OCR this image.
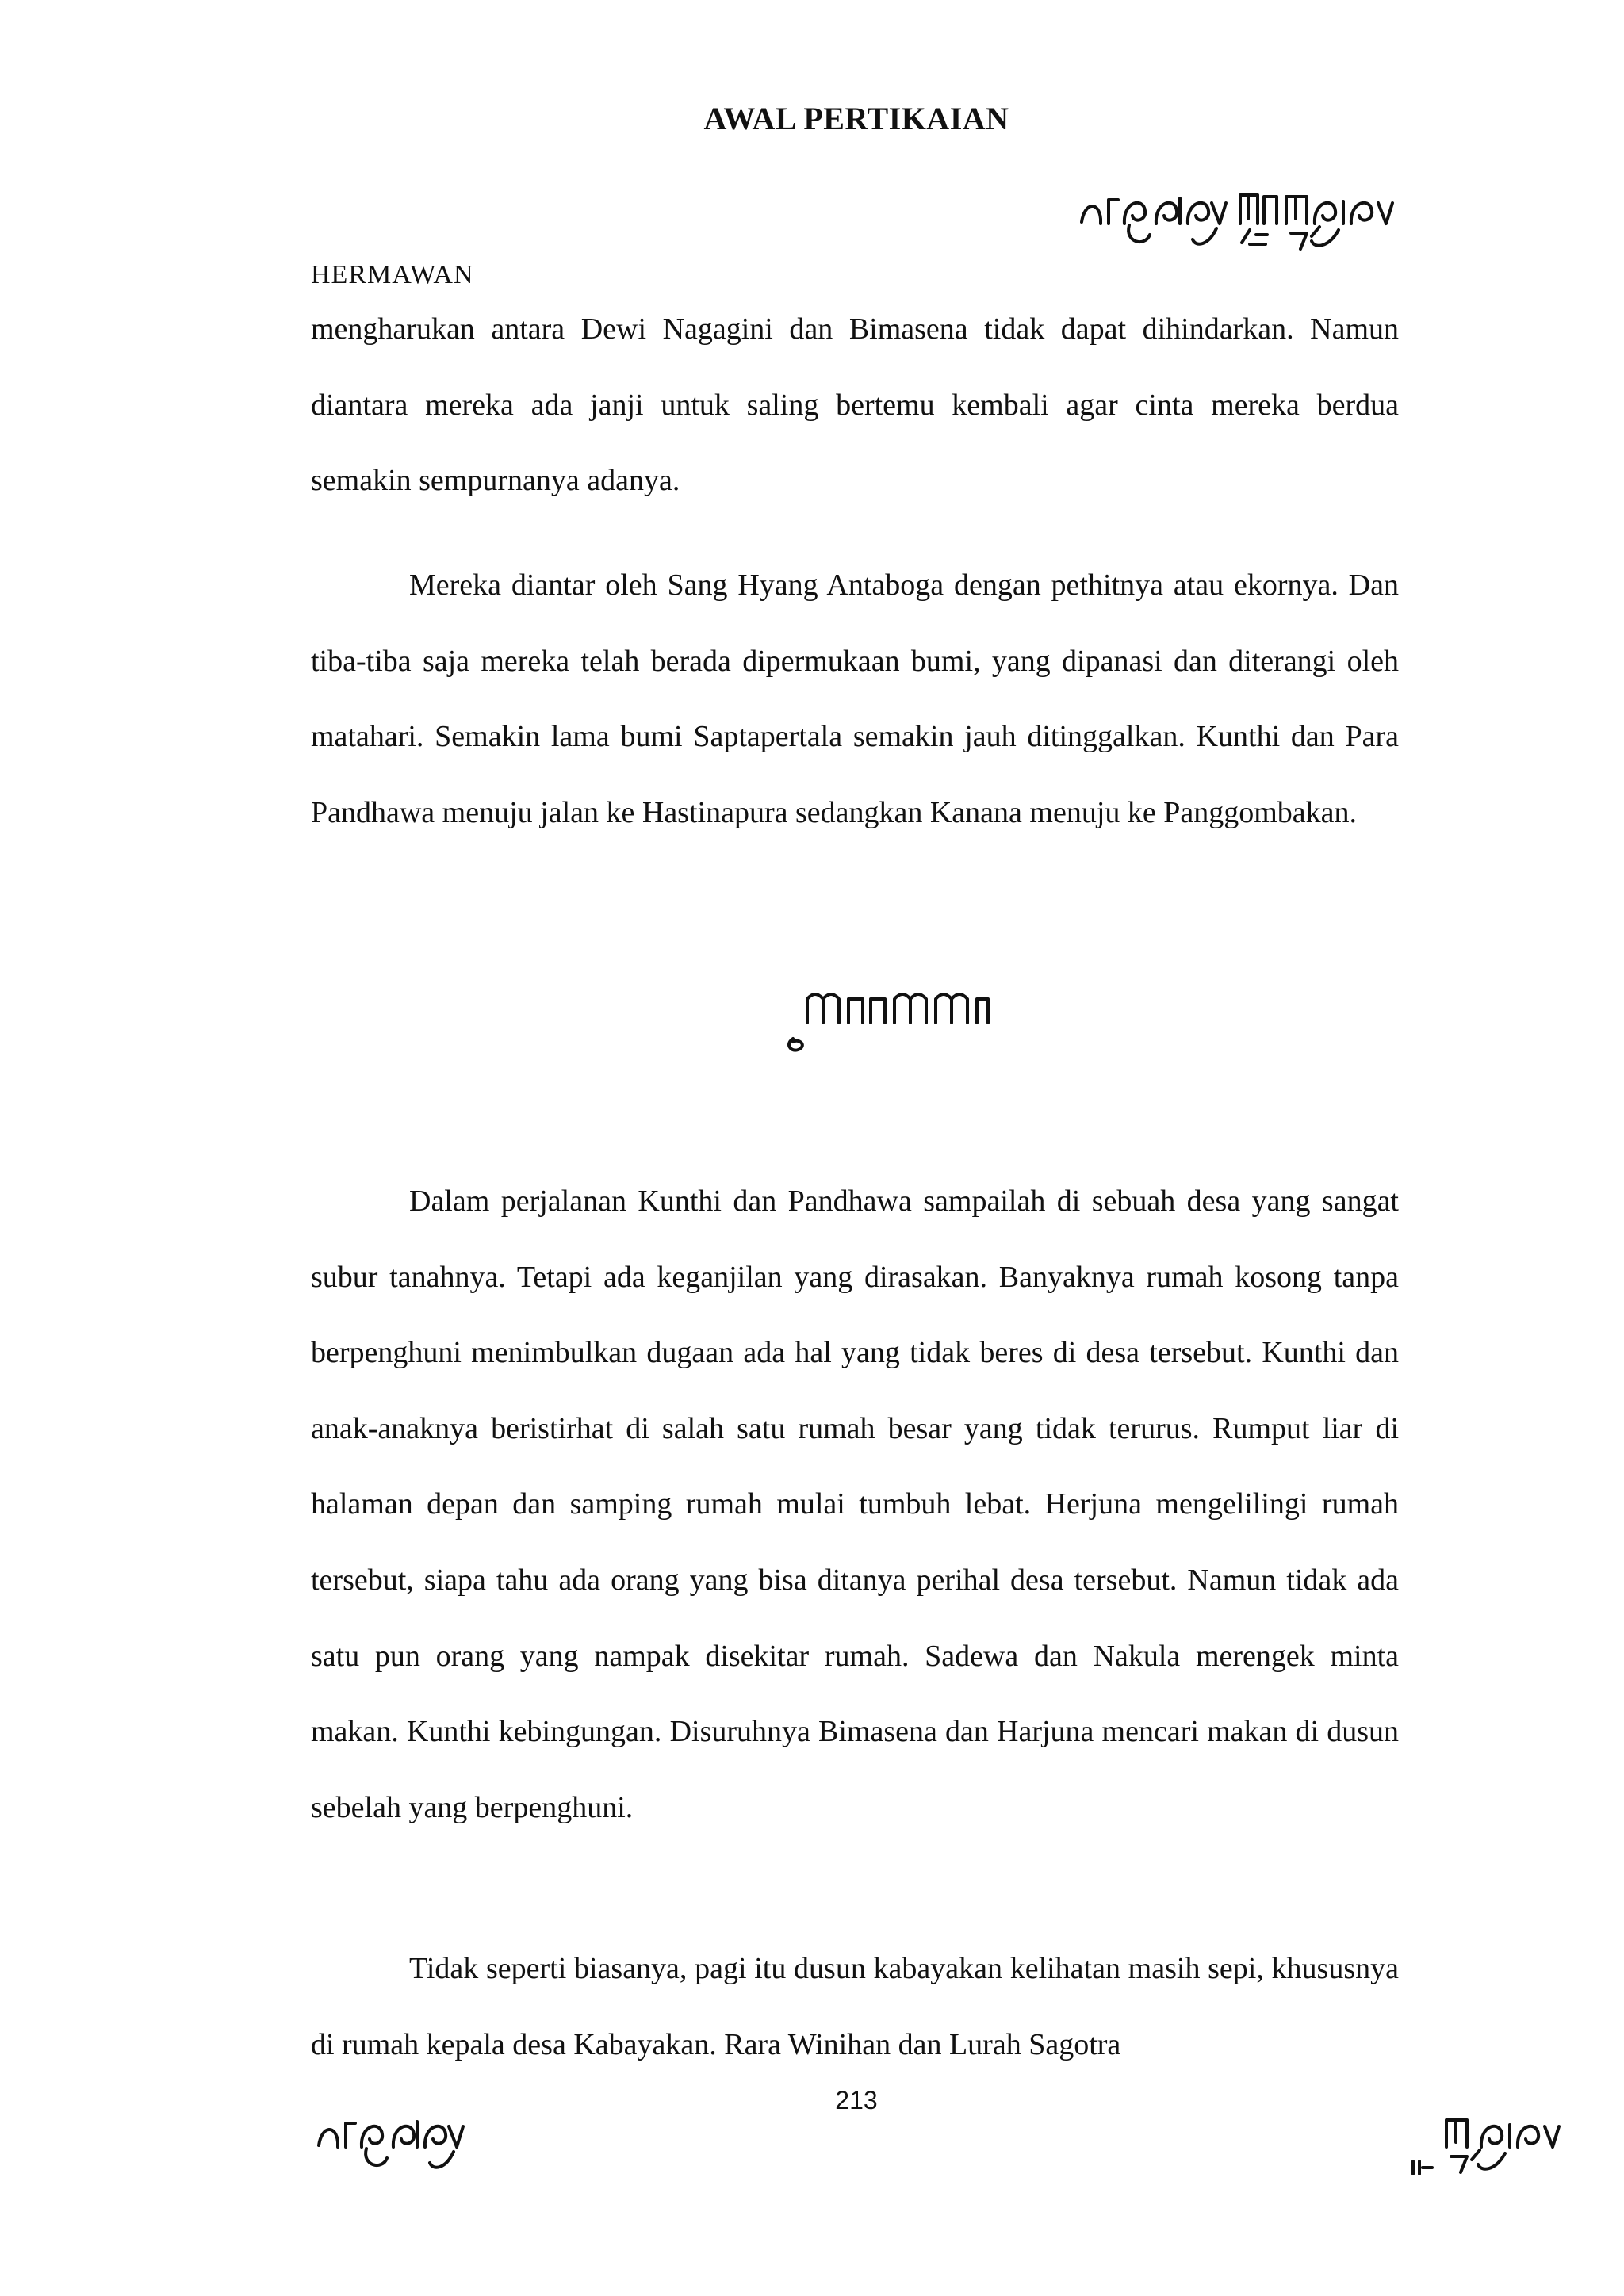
AWAL PERTIKAIAN
HERMAWAN

mengharukan antara Dewi Nagagini dan Bimasena tidak dapat dihindarkan. Namun diantara mereka ada janji untuk saling bertemu kembali agar cinta mereka berdua semakin sempurnanya adanya.

Mereka diantar oleh Sang Hyang Antaboga dengan pethitnya atau ekornya. Dan tiba-tiba saja mereka telah berada dipermukaan bumi, yang dipanasi dan diterangi oleh matahari. Semakin lama bumi Saptapertala semakin jauh ditinggalkan. Kunthi dan Para Pandhawa menuju jalan ke Hastinapura sedangkan Kanana menuju ke Panggombakan.

Dalam perjalanan Kunthi dan Pandhawa sampailah di sebuah desa yang sangat subur tanahnya. Tetapi ada keganjilan yang dirasakan. Banyaknya rumah kosong tanpa berpenghuni menimbulkan dugaan ada hal yang tidak beres di desa tersebut. Kunthi dan anak-anaknya beristirhat di salah satu rumah besar yang tidak terurus. Rumput liar di halaman depan dan samping rumah mulai tumbuh lebat. Herjuna mengelilingi rumah tersebut, siapa tahu ada orang yang bisa ditanya perihal desa tersebut. Namun tidak ada satu pun orang yang nampak disekitar rumah. Sadewa dan Nakula merengek minta makan. Kunthi kebingungan. Disuruhnya Bimasena dan Harjuna mencari makan di dusun sebelah yang berpenghuni.

Tidak seperti biasanya, pagi itu dusun kabayakan kelihatan masih sepi, khususnya di rumah kepala desa Kabayakan. Rara Winihan dan Lurah Sagotra

213
